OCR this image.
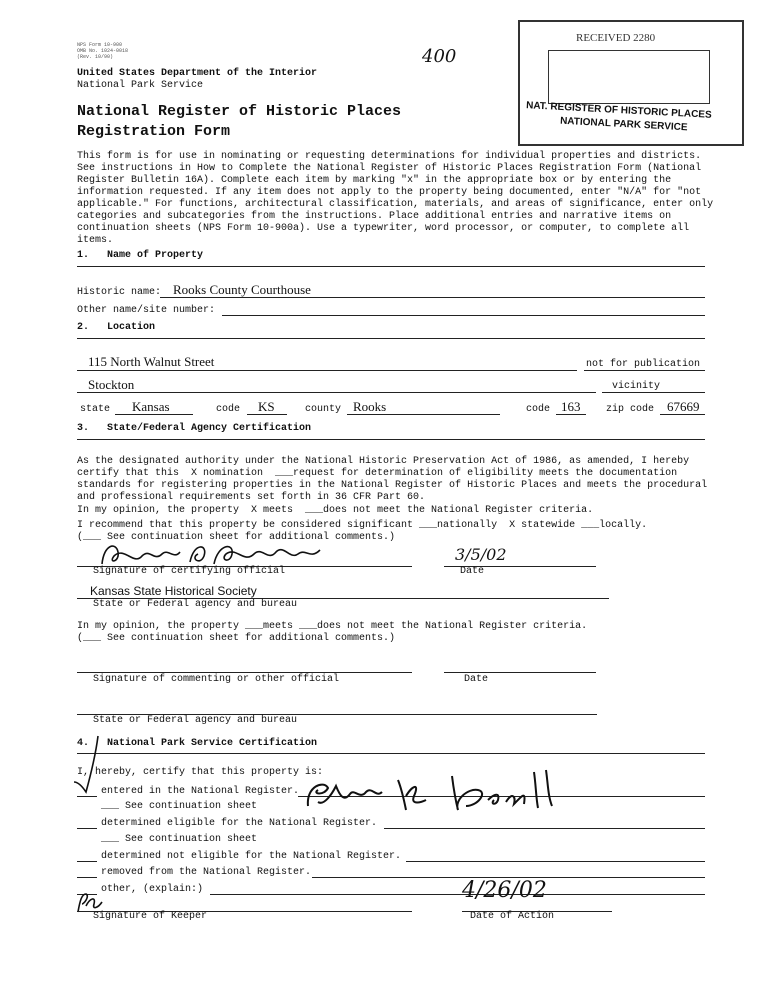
NPS Form 10-900
OMB No. 1024-0018
(Rev. 10/90)	400
RECEIVED 2280
NAT. REGISTER OF HISTORIC PLACES
NATIONAL PARK SERVICE
United States Department of the Interior
National Park Service
National Register of Historic Places
Registration Form
This form is for use in nominating or requesting determinations for individual properties and districts. See instructions in How to Complete the National Register of Historic Places Registration Form (National Register Bulletin 16A). Complete each item by marking "x" in the appropriate box or by entering the information requested. If any item does not apply to the property being documented, enter "N/A" for "not applicable." For functions, architectural classification, materials, and areas of significance, enter only categories and subcategories from the instructions. Place additional entries and narrative items on continuation sheets (NPS Form 10-900a). Use a typewriter, word processor, or computer, to complete all items.
1.   Name of Property
Historic name: Rooks County Courthouse
Other name/site number:
2.   Location
115 North Walnut Street	not for publication
Stockton	vicinity
state Kansas	code KS	county Rooks	code 163	zip code 67669
3.   State/Federal Agency Certification
As the designated authority under the National Historic Preservation Act of 1986, as amended, I hereby
certify that this  X nomination  ___request for determination of eligibility meets the documentation
standards for registering properties in the National Register of Historic Places and meets the procedural
and professional requirements set forth in 36 CFR Part 60.
In my opinion, the property  X meets  ___does not meet the National Register criteria.
I recommend that this property be considered significant ___nationally  X statewide ___locally.
(___ See continuation sheet for additional comments.)
Signature of certifying official
3/5/02
Date
Kansas State Historical Society
State or Federal agency and bureau
In my opinion, the property ___meets ___does not meet the National Register criteria.
(___ See continuation sheet for additional comments.)
Signature of commenting or other official	Date
State or Federal agency and bureau
4.   National Park Service Certification
I, hereby, certify that this property is:
entered in the National Register.
___ See continuation sheet
determined eligible for the National Register.
___ See continuation sheet
determined not eligible for the National Register.
removed from the National Register.
other, (explain:)
Signature of Keeper
4/26/02
Date of Action
